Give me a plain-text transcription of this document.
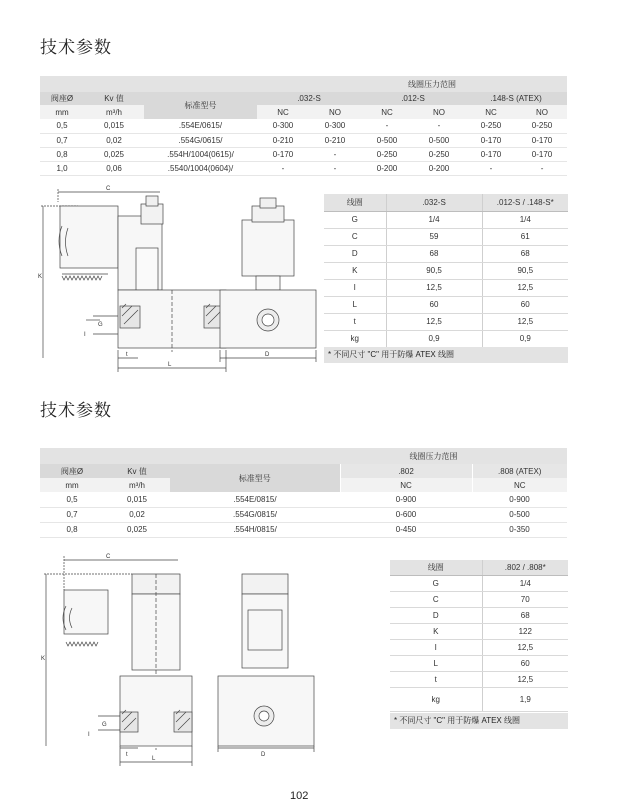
技术参数
			线圈压力范围					
阀座Ø	Kv 值	标准型号	.032-S		.012-S		.148-S (ATEX)	
mm	m³/h		NC	NO	NC	NO	NC	NO
0,5	0,015	.554E/0615/	0-300	0-300	-	-	0-250	0-250
0,7	0,02	.554G/0615/	0-210	0-210	0-500	0-500	0-170	0-170
0,8	0,025	.554H/1004(0615)/	0-170	-	0-250	0-250	0-170	0-170
1,0	0,06	.5540/1004(0604)/	-	-	0-200	0-200	-	-
C
K
G
I
t
L
D
线圈	.032-S	.012-S / .148-S*
G	1/4	1/4
C	59	61
D	68	68
K	90,5	90,5
I	12,5	12,5
L	60	60
t	12,5	12,5
kg	0,9	0,9
* 不同尺寸 "C" 用于防爆 ATEX 线圈
技术参数
			线圈压力范围	
阀座Ø	Kv 值	标准型号	.802	.808 (ATEX)
mm	m³/h		NC	NC
0,5	0,015	.554E/0815/	0-900	0-900
0,7	0,02	.554G/0815/	0-600	0-500
0,8	0,025	.554H/0815/	0-450	0-350
C
K
G
I
t
L
D
线圈	.802 / .808*
G	1/4
C	70
D	68
K	122
I	12,5
L	60
t	12,5
kg	1,9
* 不同尺寸 "C" 用于防爆 ATEX 线圈
102
